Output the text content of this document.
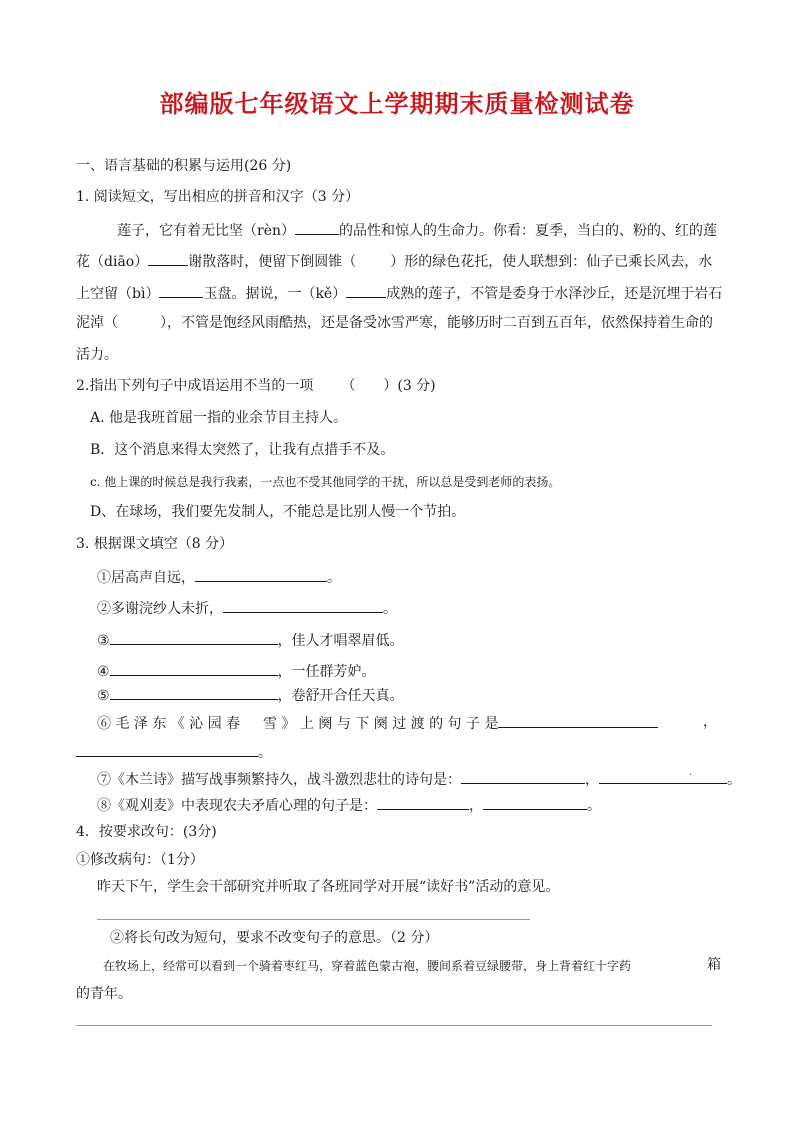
部编版七年级语文上学期期末质量检测试卷
一、语言基础的积累与运用(26 分)
1. 阅读短文，写出相应的拼音和汉字（3 分）
莲子，它有着无比坚（rèn）	的品性和惊人的生命力。你看：夏季，当白的、粉的、红的莲
花（diāo）	谢散落时，便留下倒圆锥（ ）形的绿色花托，使人联想到：仙子已乘长风去，水
上空留（bì）	玉盘。据说，一（kě）	成熟的莲子，不管是委身于水泽沙丘，还是沉埋于岩石
泥淖（	），不管是饱经风雨酷热，还是备受冰雪严寒，能够历时二百到五百年，依然保持着生命的
活力。
2.指出下列句子中成语运用不当的一项 （　　）(3 分)
A. 他是我班首屈一指的业余节目主持人。
B．这个消息来得太突然了，让我有点措手不及。
c. 他上课的时候总是我行我素，一点也不受其他同学的干扰，所以总是受到老师的表扬。
D、在球场，我们要先发制人，不能总是比别人慢一个节拍。
3. 根据课文填空（8 分）
①居高声自远，	。
②多谢浣纱人未折，	。
③	，佳人才唱翠眉低。
④	，一任群芳妒。
⑤	，卷舒开合任天真。
⑥ 毛 泽 东 《 沁 园 春 　 雪 》 上 阕 与 下 阕 过 渡 的 句 子 是	，
。
⑦《木兰诗》描写战事频繁持久，战斗激烈悲壮的诗句是：	，	。
·
⑧《观刈麦》中表现农夫矛盾心理的句子是：	，	。
4．按要求改句：(3分)
①修改病句：（1分）
昨天下午，学生会干部研究并听取了各班同学对开展“读好书”活动的意见。
②将长句改为短句，要求不改变句子的意思。（2 分）
在牧场上，经常可以看到一个骑着枣红马，穿着蓝色蒙古袍，腰间系着豆绿腰带，身上背着红十字药	箱
的青年。
